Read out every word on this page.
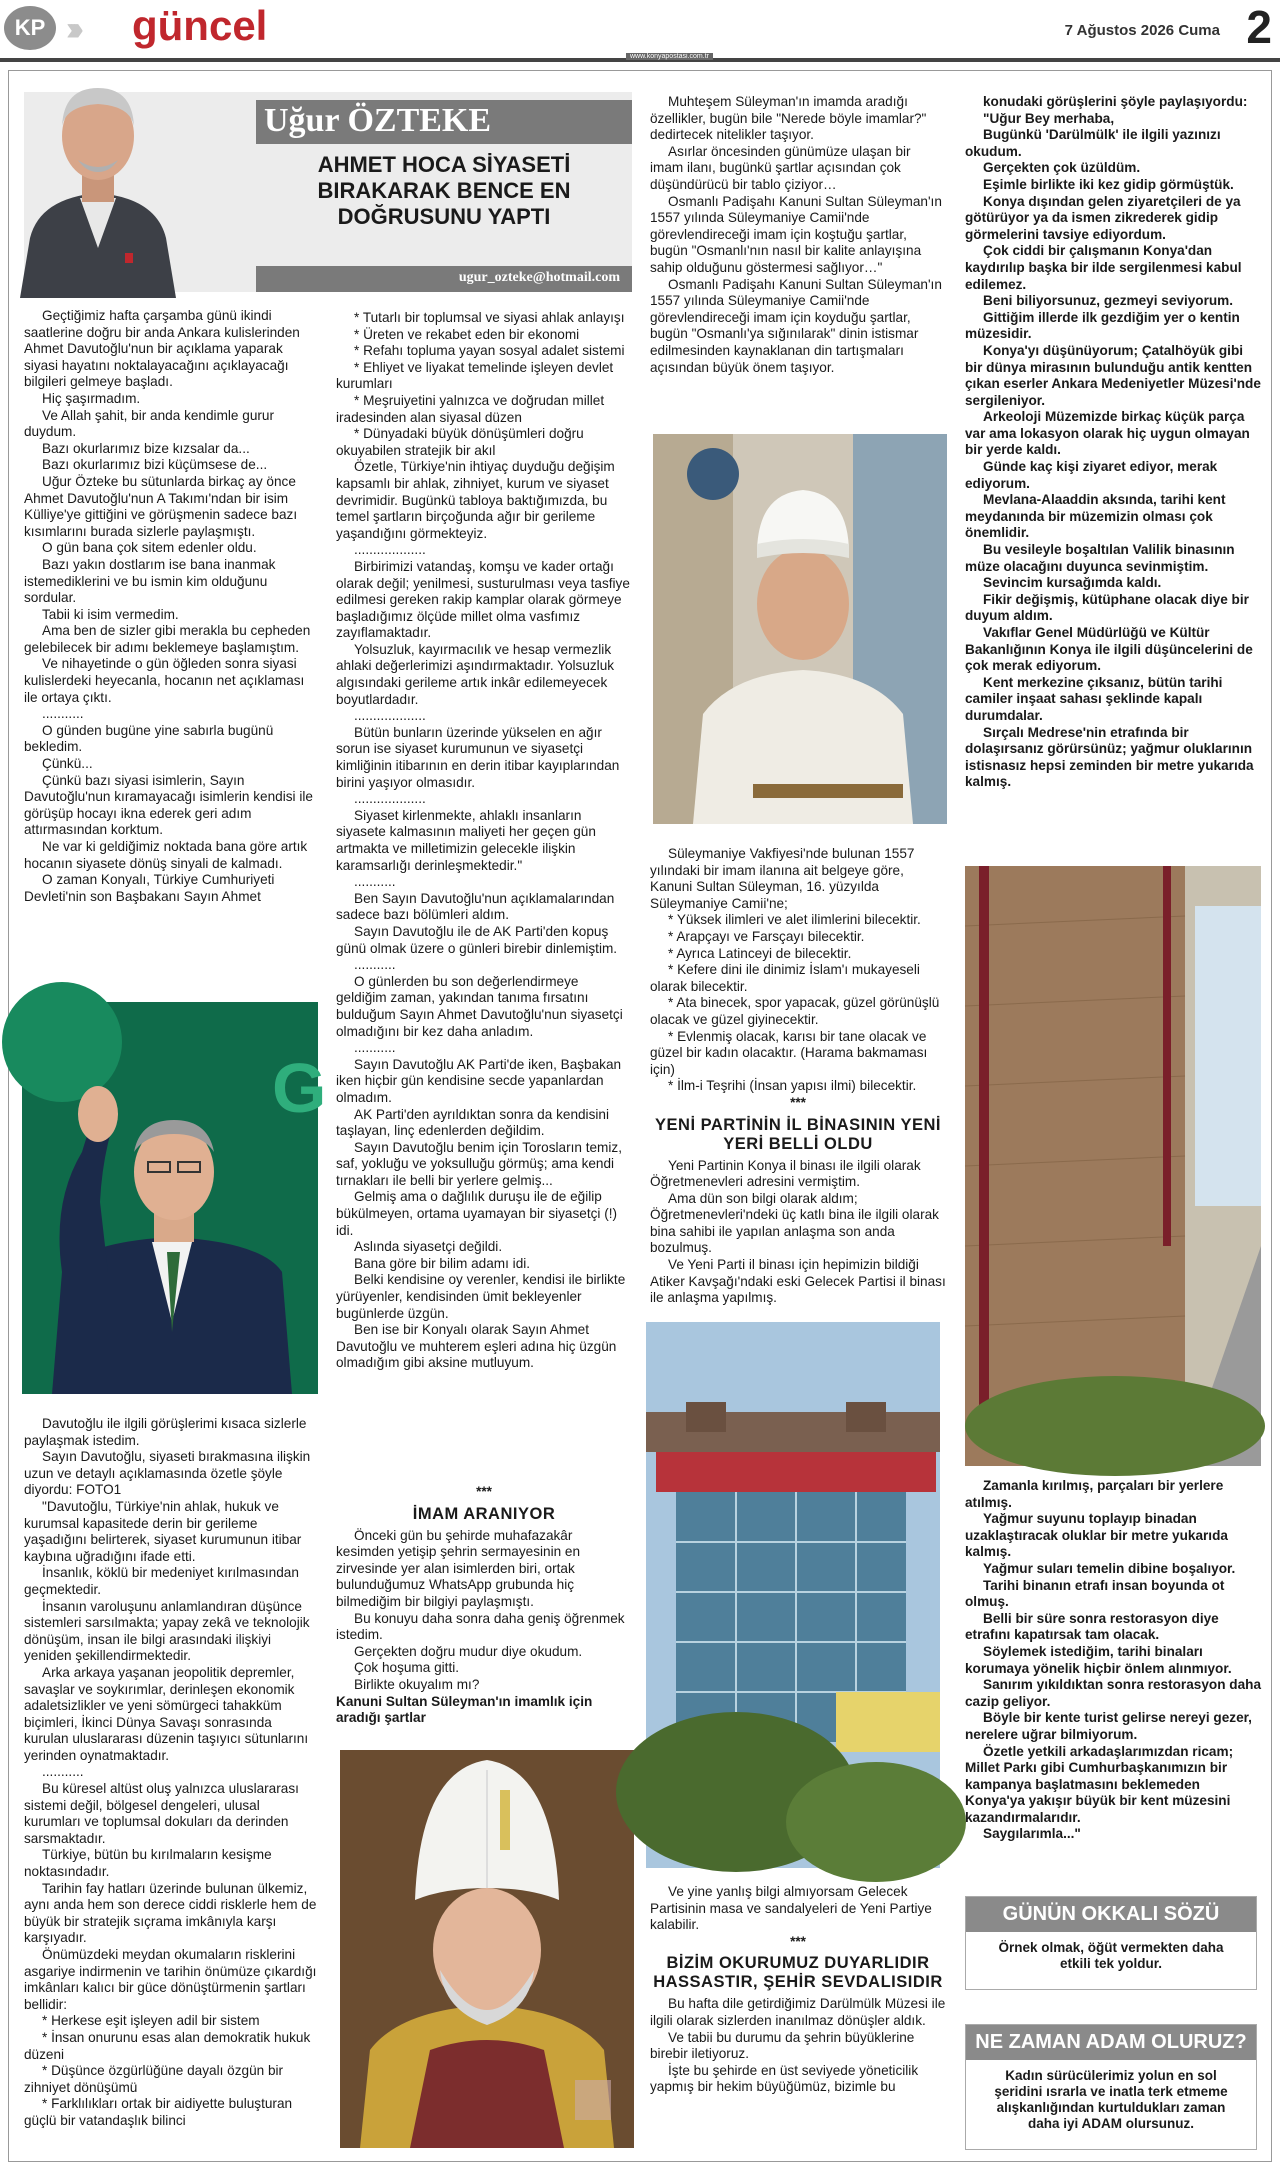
KP ››› güncel	7 Ağustos 2026 Cuma 2
www.konyapostasi.com.tr
Uğur ÖZTEKE
AHMET HOCA SİYASETİ BIRAKARAK BENCE EN DOĞRUSUNU YAPTI
ugur_ozteke@hotmail.com

Geçtiğimiz hafta çarşamba günü ikindi saatlerine doğru bir anda Ankara kulislerinden Ahmet Davutoğlu'nun bir açıklama yaparak siyasi hayatını noktalayacağını açıklayacağı bilgileri gelmeye başladı.

Hiç şaşırmadım.

Ve Allah şahit, bir anda kendimle gurur duydum.

Bazı okurlarımız bize kızsalar da...

Bazı okurlarımız bizi küçümsese de...

Uğur Özteke bu sütunlarda birkaç ay önce Ahmet Davutoğlu'nun A Takımı'ndan bir isim Külliye'ye gittiğini ve görüşmenin sadece bazı kısımlarını burada sizlerle paylaşmıştı.

O gün bana çok sitem edenler oldu.

Bazı yakın dostlarım ise bana inanmak istemediklerini ve bu ismin kim olduğunu sordular.

Tabii ki isim vermedim.

Ama ben de sizler gibi merakla bu cepheden gelebilecek bir adımı beklemeye başlamıştım.

Ve nihayetinde o gün öğleden sonra siyasi kulislerdeki heyecanla, hocanın net açıklaması ile ortaya çıktı.

...........

O günden bugüne yine sabırla bugünü bekledim.

Çünkü...

Çünkü bazı siyasi isimlerin, Sayın Davutoğlu'nun kıramayacağı isimlerin kendisi ile görüşüp hocayı ikna ederek geri adım attırmasından korktum.

Ne var ki geldiğimiz noktada bana göre artık hocanın siyasete dönüş sinyali de kalmadı.

O zaman Konyalı, Türkiye Cumhuriyeti Devleti'nin son Başbakanı Sayın Ahmet

G

Davutoğlu ile ilgili görüşlerimi kısaca sizlerle paylaşmak istedim.

Sayın Davutoğlu, siyaseti bırakmasına ilişkin uzun ve detaylı açıklamasında özetle şöyle diyordu: FOTO1

"Davutoğlu, Türkiye'nin ahlak, hukuk ve kurumsal kapasitede derin bir gerileme yaşadığını belirterek, siyaset kurumunun itibar kaybına uğradığını ifade etti.

İnsanlık, köklü bir medeniyet kırılmasından geçmektedir.

İnsanın varoluşunu anlamlandıran düşünce sistemleri sarsılmakta; yapay zekâ ve teknolojik dönüşüm, insan ile bilgi arasındaki ilişkiyi yeniden şekillendirmektedir.

Arka arkaya yaşanan jeopolitik depremler, savaşlar ve soykırımlar, derinleşen ekonomik adaletsizlikler ve yeni sömürgeci tahakküm biçimleri, İkinci Dünya Savaşı sonrasında kurulan uluslararası düzenin taşıyıcı sütunlarını yerinden oynatmaktadır.

...........

Bu küresel altüst oluş yalnızca uluslararası sistemi değil, bölgesel dengeleri, ulusal kurumları ve toplumsal dokuları da derinden sarsmaktadır.

Türkiye, bütün bu kırılmaların kesişme noktasındadır.

Tarihin fay hatları üzerinde bulunan ülkemiz, aynı anda hem son derece ciddi risklerle hem de büyük bir stratejik sıçrama imkânıyla karşı karşıyadır.

Önümüzdeki meydan okumaların risklerini asgariye indirmenin ve tarihin önümüze çıkardığı imkânları kalıcı bir güce dönüştürmenin şartları bellidir:

* Herkese eşit işleyen adil bir sistem

* İnsan onurunu esas alan demokratik hukuk düzeni

* Düşünce özgürlüğüne dayalı özgün bir zihniyet dönüşümü

* Farklılıkları ortak bir aidiyette buluşturan güçlü bir vatandaşlık bilinci

* Tutarlı bir toplumsal ve siyasi ahlak anlayışı

* Üreten ve rekabet eden bir ekonomi

* Refahı topluma yayan sosyal adalet sistemi

* Ehliyet ve liyakat temelinde işleyen devlet kurumları

* Meşruiyetini yalnızca ve doğrudan millet iradesinden alan siyasal düzen

* Dünyadaki büyük dönüşümleri doğru okuyabilen stratejik bir akıl

Özetle, Türkiye'nin ihtiyaç duyduğu değişim kapsamlı bir ahlak, zihniyet, kurum ve siyaset devrimidir. Bugünkü tabloya baktığımızda, bu temel şartların birçoğunda ağır bir gerileme yaşandığını görmekteyiz.

...................

Birbirimizi vatandaş, komşu ve kader ortağı olarak değil; yenilmesi, susturulması veya tasfiye edilmesi gereken rakip kamplar olarak görmeye başladığımız ölçüde millet olma vasfımız zayıflamaktadır.

Yolsuzluk, kayırmacılık ve hesap vermezlik ahlaki değerlerimizi aşındırmaktadır. Yolsuzluk algısındaki gerileme artık inkâr edilemeyecek boyutlardadır.

...................

Bütün bunların üzerinde yükselen en ağır sorun ise siyaset kurumunun ve siyasetçi kimliğinin itibarının en derin itibar kayıplarından birini yaşıyor olmasıdır.

...................

Siyaset kirlenmekte, ahlaklı insanların siyasete kalmasının maliyeti her geçen gün artmakta ve milletimizin gelecekle ilişkin karamsarlığı derinleşmektedir."

...........

Ben Sayın Davutoğlu'nun açıklamalarından sadece bazı bölümleri aldım.

Sayın Davutoğlu ile de AK Parti'den kopuş günü olmak üzere o günleri birebir dinlemiştim.

...........

O günlerden bu son değerlendirmeye geldiğim zaman, yakından tanıma fırsatını bulduğum Sayın Ahmet Davutoğlu'nun siyasetçi olmadığını bir kez daha anladım.

...........

Sayın Davutoğlu AK Parti'de iken, Başbakan iken hiçbir gün kendisine secde yapanlardan olmadım.

AK Parti'den ayrıldıktan sonra da kendisini taşlayan, linç edenlerden değildim.

Sayın Davutoğlu benim için Torosların temiz, saf, yokluğu ve yoksulluğu görmüş; ama kendi tırnakları ile belli bir yerlere gelmiş...

Gelmiş ama o dağlılık duruşu ile de eğilip bükülmeyen, ortama uyamayan bir siyasetçi (!) idi.

Aslında siyasetçi değildi.

Bana göre bir bilim adamı idi.

Belki kendisine oy verenler, kendisi ile birlikte yürüyenler, kendisinden ümit bekleyenler bugünlerde üzgün.

Ben ise bir Konyalı olarak Sayın Ahmet Davutoğlu ve muhterem eşleri adına hiç üzgün olmadığım gibi aksine mutluyum.

***
İMAM ARANIYOR

Önceki gün bu şehirde muhafazakâr kesimden yetişip şehrin sermayesinin en zirvesinde yer alan isimlerden biri, ortak bulunduğumuz WhatsApp grubunda hiç bilmediğim bir bilgiyi paylaşmıştı.

Bu konuyu daha sonra daha geniş öğrenmek istedim.

Gerçekten doğru mudur diye okudum.

Çok hoşuma gitti.

Birlikte okuyalım mı?

Kanuni Sultan Süleyman'ın imamlık için aradığı şartlar

Muhteşem Süleyman'ın imamda aradığı özellikler, bugün bile "Nerede böyle imamlar?" dedirtecek nitelikler taşıyor.

Asırlar öncesinden günümüze ulaşan bir imam ilanı, bugünkü şartlar açısından çok düşündürücü bir tablo çiziyor…

Osmanlı Padişahı Kanuni Sultan Süleyman'ın 1557 yılında Süleymaniye Camii'nde görevlendireceği imam için koştuğu şartlar, bugün "Osmanlı'nın nasıl bir kalite anlayışına sahip olduğunu göstermesi sağlıyor…"

Osmanlı Padişahı Kanuni Sultan Süleyman'ın 1557 yılında Süleymaniye Camii'nde görevlendireceği imam için koyduğu şartlar, bugün "Osmanlı'ya sığınılarak" dinin istismar edilmesinden kaynaklanan din tartışmaları açısından büyük önem taşıyor.

Süleymaniye Vakfiyesi'nde bulunan 1557 yılındaki bir imam ilanına ait belgeye göre, Kanuni Sultan Süleyman, 16. yüzyılda Süleymaniye Camii'ne;

* Yüksek ilimleri ve alet ilimlerini bilecektir.

* Arapçayı ve Farsçayı bilecektir.

* Ayrıca Latinceyi de bilecektir.

* Kefere dini ile dinimiz İslam'ı mukayeseli olarak bilecektir.

* Ata binecek, spor yapacak, güzel görünüşlü olacak ve güzel giyinecektir.

* Evlenmiş olacak, karısı bir tane olacak ve güzel bir kadın olacaktır. (Harama bakmaması için)

* İlm-i Teşrihi (İnsan yapısı ilmi) bilecektir.

***
YENİ PARTİNİN İL BİNASININ YENİ YERİ BELLİ OLDU

Yeni Partinin Konya il binası ile ilgili olarak Öğretmenevleri adresini vermiştim.

Ama dün son bilgi olarak aldım; Öğretmenevleri'ndeki üç katlı bina ile ilgili olarak bina sahibi ile yapılan anlaşma son anda bozulmuş.

Ve Yeni Parti il binası için hepimizin bildiği Atiker Kavşağı'ndaki eski Gelecek Partisi il binası ile anlaşma yapılmış.

Ve yine yanlış bilgi almıyorsam Gelecek Partisinin masa ve sandalyeleri de Yeni Partiye kalabilir.

***
BİZİM OKURUMUZ DUYARLIDIR HASSASTIR, ŞEHİR SEVDALISIDIR

Bu hafta dile getirdiğimiz Darülmülk Müzesi ile ilgili olarak sizlerden inanılmaz dönüşler aldık.

Ve tabii bu durumu da şehrin büyüklerine birebir iletiyoruz.

İşte bu şehirde en üst seviyede yöneticilik yapmış bir hekim büyüğümüz, bizimle bu

konudaki görüşlerini şöyle paylaşıyordu:

"Uğur Bey merhaba,

Bugünkü 'Darülmülk' ile ilgili yazınızı okudum.

Gerçekten çok üzüldüm.

Eşimle birlikte iki kez gidip görmüştük.

Konya dışından gelen ziyaretçileri de ya götürüyor ya da ismen zikrederek gidip görmelerini tavsiye ediyordum.

Çok ciddi bir çalışmanın Konya'dan kaydırılıp başka bir ilde sergilenmesi kabul edilemez.

Beni biliyorsunuz, gezmeyi seviyorum.

Gittiğim illerde ilk gezdiğim yer o kentin müzesidir.

Konya'yı düşünüyorum; Çatalhöyük gibi bir dünya mirasının bulunduğu antik kentten çıkan eserler Ankara Medeniyetler Müzesi'nde sergileniyor.

Arkeoloji Müzemizde birkaç küçük parça var ama lokasyon olarak hiç uygun olmayan bir yerde kaldı.

Günde kaç kişi ziyaret ediyor, merak ediyorum.

Mevlana-Alaaddin aksında, tarihi kent meydanında bir müzemizin olması çok önemlidir.

Bu vesileyle boşaltılan Valilik binasının müze olacağını duyunca sevinmiştim.

Sevincim kursağımda kaldı.

Fikir değişmiş, kütüphane olacak diye bir duyum aldım.

Vakıflar Genel Müdürlüğü ve Kültür Bakanlığının Konya ile ilgili düşüncelerini de çok merak ediyorum.

Kent merkezine çıksanız, bütün tarihi camiler inşaat sahası şeklinde kapalı durumdalar.

Sırçalı Medrese'nin etrafında bir dolaşırsanız görürsünüz; yağmur oluklarının istisnasız hepsi zeminden bir metre yukarıda kalmış.

Zamanla kırılmış, parçaları bir yerlere atılmış.

Yağmur suyunu toplayıp binadan uzaklaştıracak oluklar bir metre yukarıda kalmış.

Yağmur suları temelin dibine boşalıyor.

Tarihi binanın etrafı insan boyunda ot olmuş.

Belli bir süre sonra restorasyon diye etrafını kapatırsak tam olacak.

Söylemek istediğim, tarihi binaları korumaya yönelik hiçbir önlem alınmıyor.

Sanırım yıkıldıktan sonra restorasyon daha cazip geliyor.

Böyle bir kente turist gelirse nereyi gezer, nerelere uğrar bilmiyorum.

Özetle yetkili arkadaşlarımızdan ricam; Millet Parkı gibi Cumhurbaşkanımızın bir kampanya başlatmasını beklemeden Konya'ya yakışır büyük bir kent müzesini kazandırmalarıdır.

Saygılarımla..."

GÜNÜN OKKALI SÖZÜ
Örnek olmak, öğüt vermekten daha etkili tek yoldur.
NE ZAMAN ADAM OLURUZ?
Kadın sürücülerimiz yolun en sol şeridini ısrarla ve inatla terk etmeme alışkanlığından kurtuldukları zaman daha iyi ADAM olursunuz.
